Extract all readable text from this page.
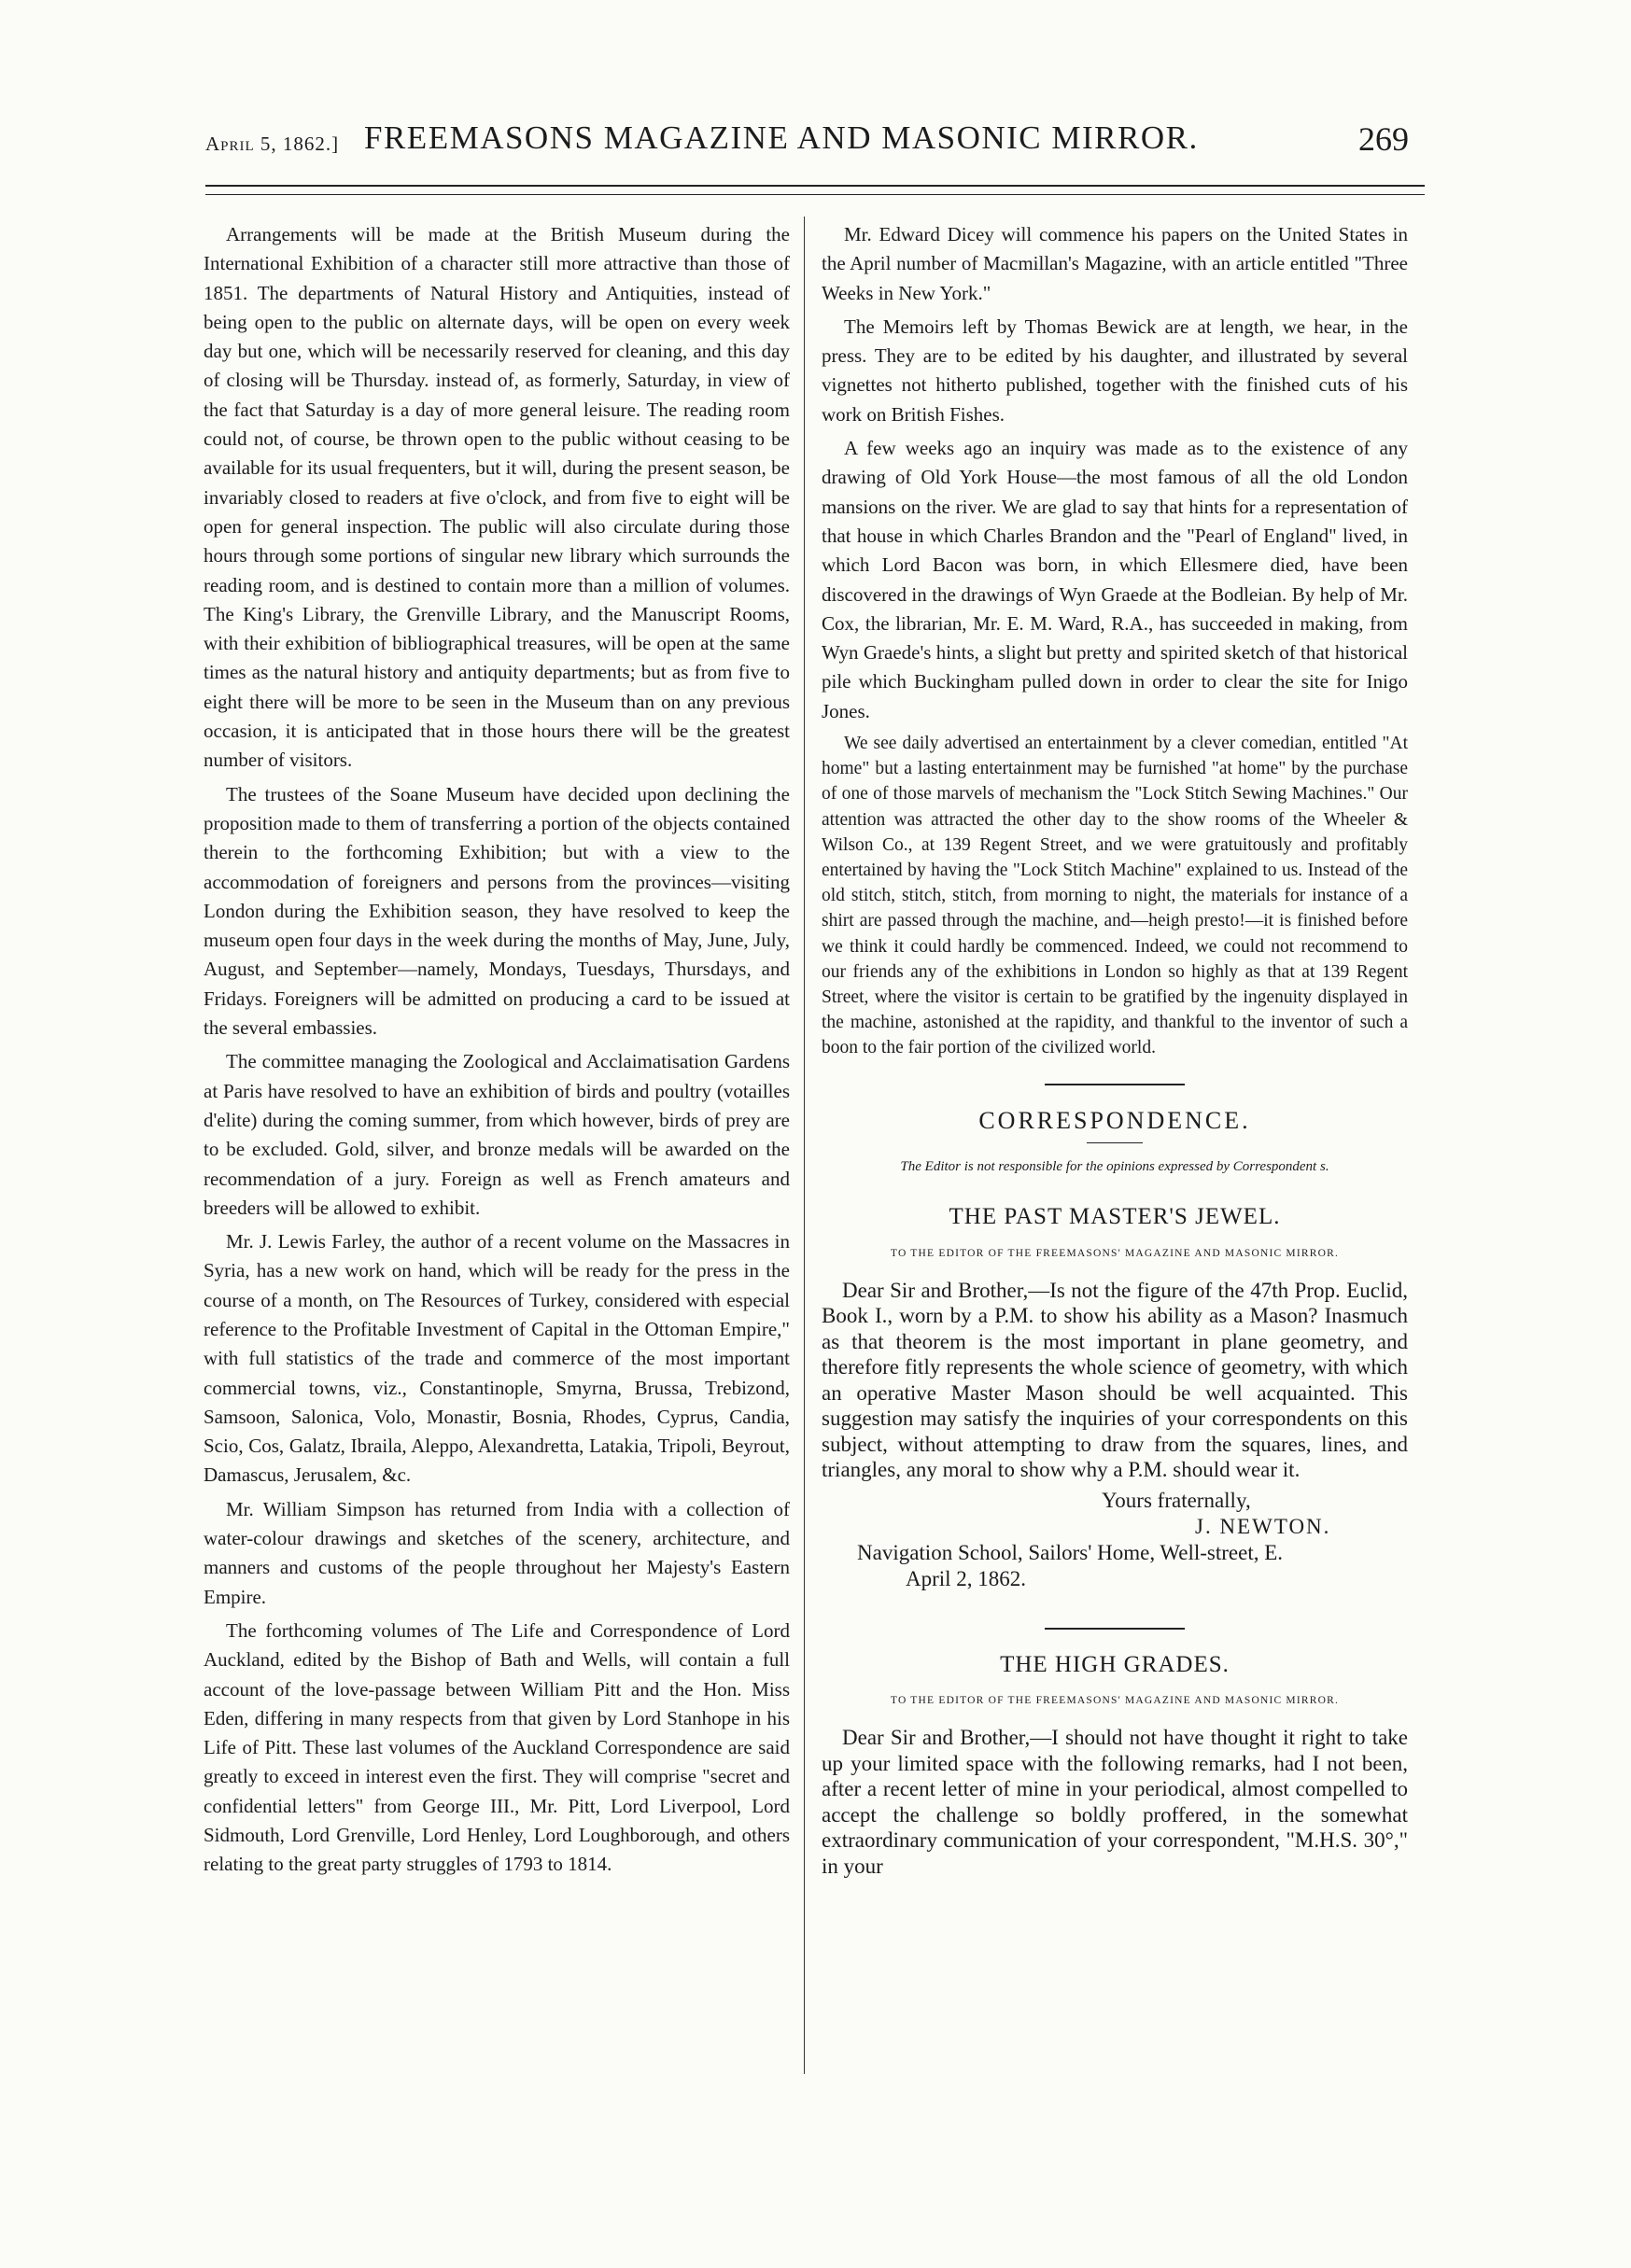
April 5, 1862.] FREEMASONS MAGAZINE AND MASONIC MIRROR.	269

Arrangements will be made at the British Museum during the International Exhibition of a character still more attractive than those of 1851. The departments of Natural History and Antiquities, instead of being open to the public on alternate days, will be open on every week day but one, which will be necessarily reserved for cleaning, and this day of closing will be Thursday. instead of, as formerly, Saturday, in view of the fact that Saturday is a day of more general leisure. The reading room could not, of course, be thrown open to the public without ceasing to be available for its usual frequenters, but it will, during the present season, be invariably closed to readers at five o'clock, and from five to eight will be open for general inspection. The public will also circulate during those hours through some portions of singular new library which surrounds the reading room, and is destined to contain more than a million of volumes. The King's Library, the Grenville Library, and the Manuscript Rooms, with their exhibition of bibliographical treasures, will be open at the same times as the natural history and antiquity departments; but as from five to eight there will be more to be seen in the Museum than on any previous occasion, it is anticipated that in those hours there will be the greatest number of visitors.

The trustees of the Soane Museum have decided upon declining the proposition made to them of transferring a portion of the objects contained therein to the forthcoming Exhibition; but with a view to the accommodation of foreigners and persons from the provinces—visiting London during the Exhibition season, they have resolved to keep the museum open four days in the week during the months of May, June, July, August, and September—namely, Mondays, Tuesdays, Thursdays, and Fridays. Foreigners will be admitted on producing a card to be issued at the several embassies.

The committee managing the Zoological and Acclaimatisation Gardens at Paris have resolved to have an exhibition of birds and poultry (votailles d'elite) during the coming summer, from which however, birds of prey are to be excluded. Gold, silver, and bronze medals will be awarded on the recommendation of a jury. Foreign as well as French amateurs and breeders will be allowed to exhibit.

Mr. J. Lewis Farley, the author of a recent volume on the Massacres in Syria, has a new work on hand, which will be ready for the press in the course of a month, on The Resources of Turkey, considered with especial reference to the Profitable Investment of Capital in the Ottoman Empire," with full statistics of the trade and commerce of the most important commercial towns, viz., Constantinople, Smyrna, Brussa, Trebizond, Samsoon, Salonica, Volo, Monastir, Bosnia, Rhodes, Cyprus, Candia, Scio, Cos, Galatz, Ibraila, Aleppo, Alexandretta, Latakia, Tripoli, Beyrout, Damascus, Jerusalem, &c.

Mr. William Simpson has returned from India with a collection of water-colour drawings and sketches of the scenery, architecture, and manners and customs of the people throughout her Majesty's Eastern Empire.

The forthcoming volumes of The Life and Correspondence of Lord Auckland, edited by the Bishop of Bath and Wells, will contain a full account of the love-passage between William Pitt and the Hon. Miss Eden, differing in many respects from that given by Lord Stanhope in his Life of Pitt. These last volumes of the Auckland Correspondence are said greatly to exceed in interest even the first. They will comprise "secret and confidential letters" from George III., Mr. Pitt, Lord Liverpool, Lord Sidmouth, Lord Grenville, Lord Henley, Lord Loughborough, and others relating to the great party struggles of 1793 to 1814.

Mr. Edward Dicey will commence his papers on the United States in the April number of Macmillan's Magazine, with an article entitled "Three Weeks in New York."

The Memoirs left by Thomas Bewick are at length, we hear, in the press. They are to be edited by his daughter, and illustrated by several vignettes not hitherto published, together with the finished cuts of his work on British Fishes.

A few weeks ago an inquiry was made as to the existence of any drawing of Old York House—the most famous of all the old London mansions on the river. We are glad to say that hints for a representation of that house in which Charles Brandon and the "Pearl of England" lived, in which Lord Bacon was born, in which Ellesmere died, have been discovered in the drawings of Wyn Graede at the Bodleian. By help of Mr. Cox, the librarian, Mr. E. M. Ward, R.A., has succeeded in making, from Wyn Graede's hints, a slight but pretty and spirited sketch of that historical pile which Buckingham pulled down in order to clear the site for Inigo Jones.

We see daily advertised an entertainment by a clever comedian, entitled "At home" but a lasting entertainment may be furnished "at home" by the purchase of one of those marvels of mechanism the "Lock Stitch Sewing Machines." Our attention was attracted the other day to the show rooms of the Wheeler & Wilson Co., at 139 Regent Street, and we were gratuitously and profitably entertained by having the "Lock Stitch Machine" explained to us. Instead of the old stitch, stitch, stitch, from morning to night, the materials for instance of a shirt are passed through the machine, and—heigh presto!—it is finished before we think it could hardly be commenced. Indeed, we could not recommend to our friends any of the exhibitions in London so highly as that at 139 Regent Street, where the visitor is certain to be gratified by the ingenuity displayed in the machine, astonished at the rapidity, and thankful to the inventor of such a boon to the fair portion of the civilized world.

CORRESPONDENCE.
The Editor is not responsible for the opinions expressed by Correspondent s.
THE PAST MASTER'S JEWEL.
TO THE EDITOR OF THE FREEMASONS' MAGAZINE AND MASONIC MIRROR.

Dear Sir and Brother,—Is not the figure of the 47th Prop. Euclid, Book I., worn by a P.M. to show his ability as a Mason? Inasmuch as that theorem is the most important in plane geometry, and therefore fitly represents the whole science of geometry, with which an operative Master Mason should be well acquainted. This suggestion may satisfy the inquiries of your correspondents on this subject, without attempting to draw from the squares, lines, and triangles, any moral to show why a P.M. should wear it.

Yours fraternally,
J. NEWTON.
Navigation School, Sailors' Home, Well-street, E.
April 2, 1862.
THE HIGH GRADES.
TO THE EDITOR OF THE FREEMASONS' MAGAZINE AND MASONIC MIRROR.

Dear Sir and Brother,—I should not have thought it right to take up your limited space with the following remarks, had I not been, after a recent letter of mine in your periodical, almost compelled to accept the challenge so boldly proffered, in the somewhat extraordinary communication of your correspondent, "M.H.S. 30°," in your
